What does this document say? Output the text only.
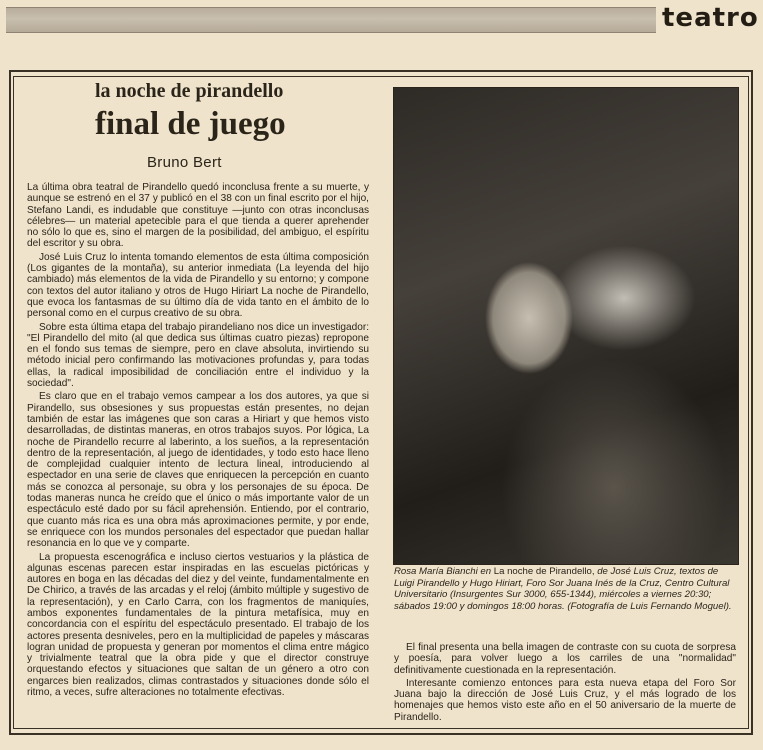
teatro
la noche de pirandello
final de juego
Bruno Bert

La última obra teatral de Pirandello quedó inconclusa frente a su muerte, y aunque se estrenó en el 37 y publicó en el 38 con un final escrito por el hijo, Stefano Landi, es indudable que constituye —junto con otras inconclusas célebres— un material apetecible para el que tienda a querer aprehender no sólo lo que es, sino el margen de la posibilidad, del ambiguo, el espíritu del escritor y su obra.

José Luis Cruz lo intenta tomando elementos de esta última composición (Los gigantes de la montaña), su anterior inmediata (La leyenda del hijo cambiado) más elementos de la vida de Pirandello y su entorno; y compone con textos del autor italiano y otros de Hugo Hiriart La noche de Pirandello, que evoca los fantasmas de su último día de vida tanto en el ámbito de lo personal como en el curpus creativo de su obra.

Sobre esta última etapa del trabajo pirandeliano nos dice un investigador: "El Pirandello del mito (al que dedica sus últimas cuatro piezas) repropone en el fondo sus temas de siempre, pero en clave absoluta, invirtiendo su método inicial pero confirmando las motivaciones profundas y, para todas ellas, la radical imposibilidad de conciliación entre el individuo y la sociedad".

Es claro que en el trabajo vemos campear a los dos autores, ya que si Pirandello, sus obsesiones y sus propuestas están presentes, no dejan también de estar las imágenes que son caras a Hiriart y que hemos visto desarrolladas, de distintas maneras, en otros trabajos suyos. Por lógica, La noche de Pirandello recurre al laberinto, a los sueños, a la representación dentro de la representación, al juego de identidades, y todo esto hace lleno de complejidad cualquier intento de lectura lineal, introduciendo al espectador en una serie de claves que enriquecen la percepción en cuanto más se conozca al personaje, su obra y los personajes de su época. De todas maneras nunca he creído que el único o más importante valor de un espectáculo esté dado por su fácil aprehensión. Entiendo, por el contrario, que cuanto más rica es una obra más aproximaciones permite, y por ende, se enriquece con los mundos personales del espectador que puedan hallar resonancia en lo que ve y comparte.

La propuesta escenográfica e incluso ciertos vestuarios y la plástica de algunas escenas parecen estar inspiradas en las escuelas pictóricas y autores en boga en las décadas del diez y del veinte, fundamentalmente en De Chirico, a través de las arcadas y el reloj (ámbito múltiple y sugestivo de la representación), y en Carlo Carra, con los fragmentos de maniquíes, ambos exponentes fundamentales de la pintura metafísica, muy en concordancia con el espíritu del espectáculo presentado. El trabajo de los actores presenta desniveles, pero en la multiplicidad de papeles y máscaras logran unidad de propuesta y generan por momentos el clima entre mágico y trivialmente teatral que la obra pide y que el director construye orquestando efectos y situaciones que saltan de un género a otro con engarces bien realizados, climas contrastados y situaciones donde sólo el ritmo, a veces, sufre alteraciones no totalmente efectivas.

Rosa María Bianchi en La noche de Pirandello, de José Luis Cruz, textos de Luigi Pirandello y Hugo Hiriart, Foro Sor Juana Inés de la Cruz, Centro Cultural Universitario (Insurgentes Sur 3000, 655-1344), miércoles a viernes 20:30; sábados 19:00 y domingos 18:00 horas. (Fotografía de Luis Fernando Moguel).

El final presenta una bella imagen de contraste con su cuota de sorpresa y poesía, para volver luego a los carriles de una "normalidad" definitivamente cuestionada en la representación.

Interesante comienzo entonces para esta nueva etapa del Foro Sor Juana bajo la dirección de José Luis Cruz, y el más logrado de los homenajes que hemos visto este año en el 50 aniversario de la muerte de Pirandello.
